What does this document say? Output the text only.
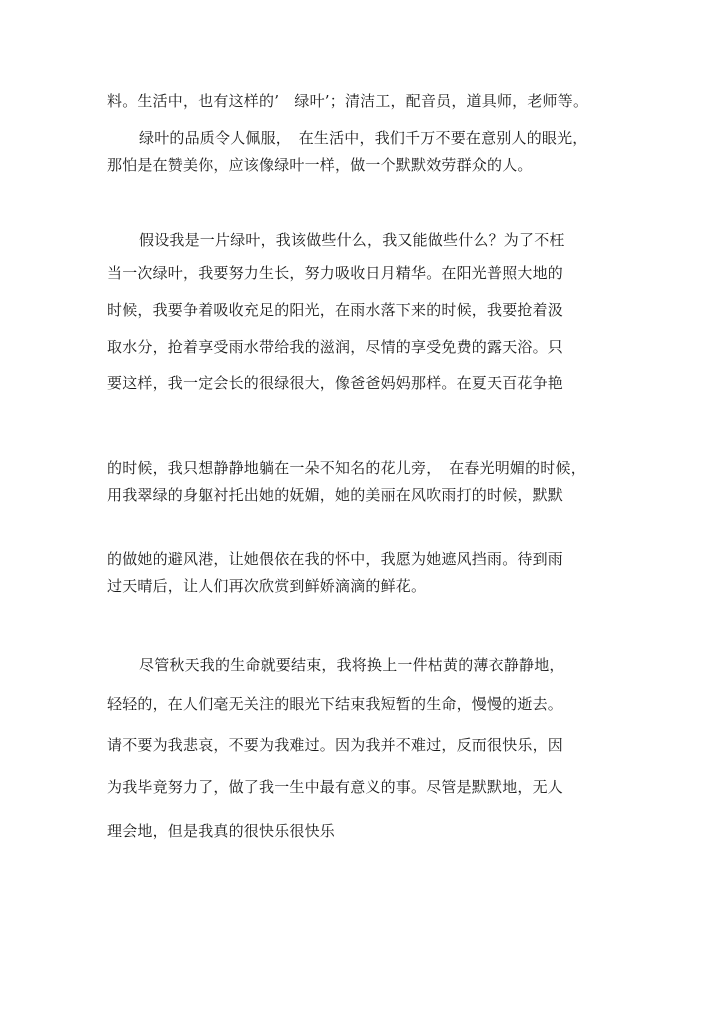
料。生活中，也有这样的’　绿叶’；清洁工，配音员，道具师，老师等。
绿叶的品质令人佩服，　在生活中，我们千万不要在意别人的眼光，
那怕是在赞美你，应该像绿叶一样，做一个默默效劳群众的人。
假设我是一片绿叶，我该做些什么，我又能做些什么？为了不枉
当一次绿叶，我要努力生长，努力吸收日月精华。在阳光普照大地的
时候，我要争着吸收充足的阳光，在雨水落下来的时候，我要抢着汲
取水分，抢着享受雨水带给我的滋润，尽情的享受免费的露天浴。只
要这样，我一定会长的很绿很大，像爸爸妈妈那样。在夏天百花争艳
的时候，我只想静静地躺在一朵不知名的花儿旁，　在春光明媚的时候，
用我翠绿的身躯衬托出她的妩媚，她的美丽在风吹雨打的时候，默默
的做她的避风港，让她偎依在我的怀中，我愿为她遮风挡雨。待到雨
过天晴后，让人们再次欣赏到鲜娇滴滴的鲜花。
尽管秋天我的生命就要结束，我将换上一件枯黄的薄衣静静地，
轻轻的，在人们毫无关注的眼光下结束我短暂的生命，慢慢的逝去。
请不要为我悲哀，不要为我难过。因为我并不难过，反而很快乐，因
为我毕竟努力了，做了我一生中最有意义的事。尽管是默默地，无人
理会地，但是我真的很快乐很快乐
